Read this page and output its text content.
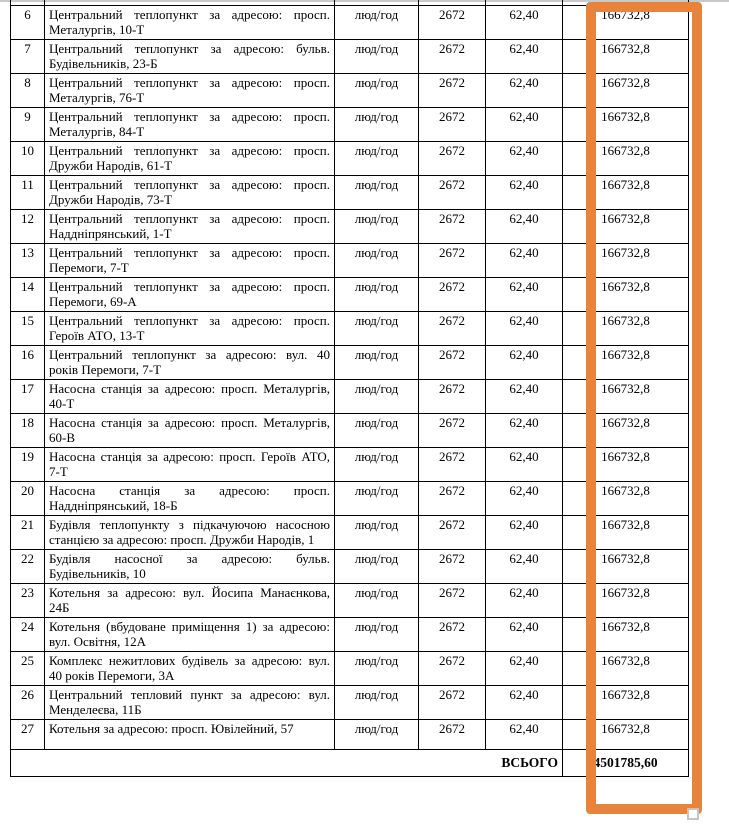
6	Центральний теплопункт за адресою: просп. Металургів, 10-Т	люд/год	2672	62,40	166732,8
7	Центральний теплопункт за адресою: бульв. Будівельників, 23-Б	люд/год	2672	62,40	166732,8
8	Центральний теплопункт за адресою: просп. Металургів, 76-Т	люд/год	2672	62,40	166732,8
9	Центральний теплопункт за адресою: просп. Металургів, 84-Т	люд/год	2672	62,40	166732,8
10	Центральний теплопункт за адресою: просп. Дружби Народів, 61-Т	люд/год	2672	62,40	166732,8
11	Центральний теплопункт за адресою: просп. Дружби Народів, 73-Т	люд/год	2672	62,40	166732,8
12	Центральний теплопункт за адресою: просп. Наддніпрянський, 1-Т	люд/год	2672	62,40	166732,8
13	Центральний теплопункт за адресою: просп. Перемоги, 7-Т	люд/год	2672	62,40	166732,8
14	Центральний теплопункт за адресою: просп. Перемоги, 69-А	люд/год	2672	62,40	166732,8
15	Центральний теплопункт за адресою: просп. Героїв АТО, 13-Т	люд/год	2672	62,40	166732,8
16	Центральний теплопункт за адресою: вул. 40 років Перемоги, 7-Т	люд/год	2672	62,40	166732,8
17	Насосна станція за адресою: просп. Металургів, 40-Т	люд/год	2672	62,40	166732,8
18	Насосна станція за адресою: просп. Металургів, 60-В	люд/год	2672	62,40	166732,8
19	Насосна станція за адресою: просп. Героїв АТО, 7-Т	люд/год	2672	62,40	166732,8
20	Насосна станція за адресою: просп. Наддніпрянський, 18-Б	люд/год	2672	62,40	166732,8
21	Будівля теплопункту з підкачуючою насосною станцією за адресою: просп. Дружби Народів, 1	люд/год	2672	62,40	166732,8
22	Будівля насосної за адресою: бульв. Будівельників, 10	люд/год	2672	62,40	166732,8
23	Котельня за адресою: вул. Йосипа Манаєнкова, 24Б	люд/год	2672	62,40	166732,8
24	Котельня (вбудоване приміщення 1) за адресою: вул. Освітня, 12А	люд/год	2672	62,40	166732,8
25	Комплекс нежитлових будівель за адресою: вул. 40 років Перемоги, 3А	люд/год	2672	62,40	166732,8
26	Центральний тепловий пункт за адресою: вул. Менделеєва, 11Б	люд/год	2672	62,40	166732,8
27	Котельня за адресою: просп. Ювілейний, 57	люд/год	2672	62,40	166732,8
ВСЬОГО					4501785,60
